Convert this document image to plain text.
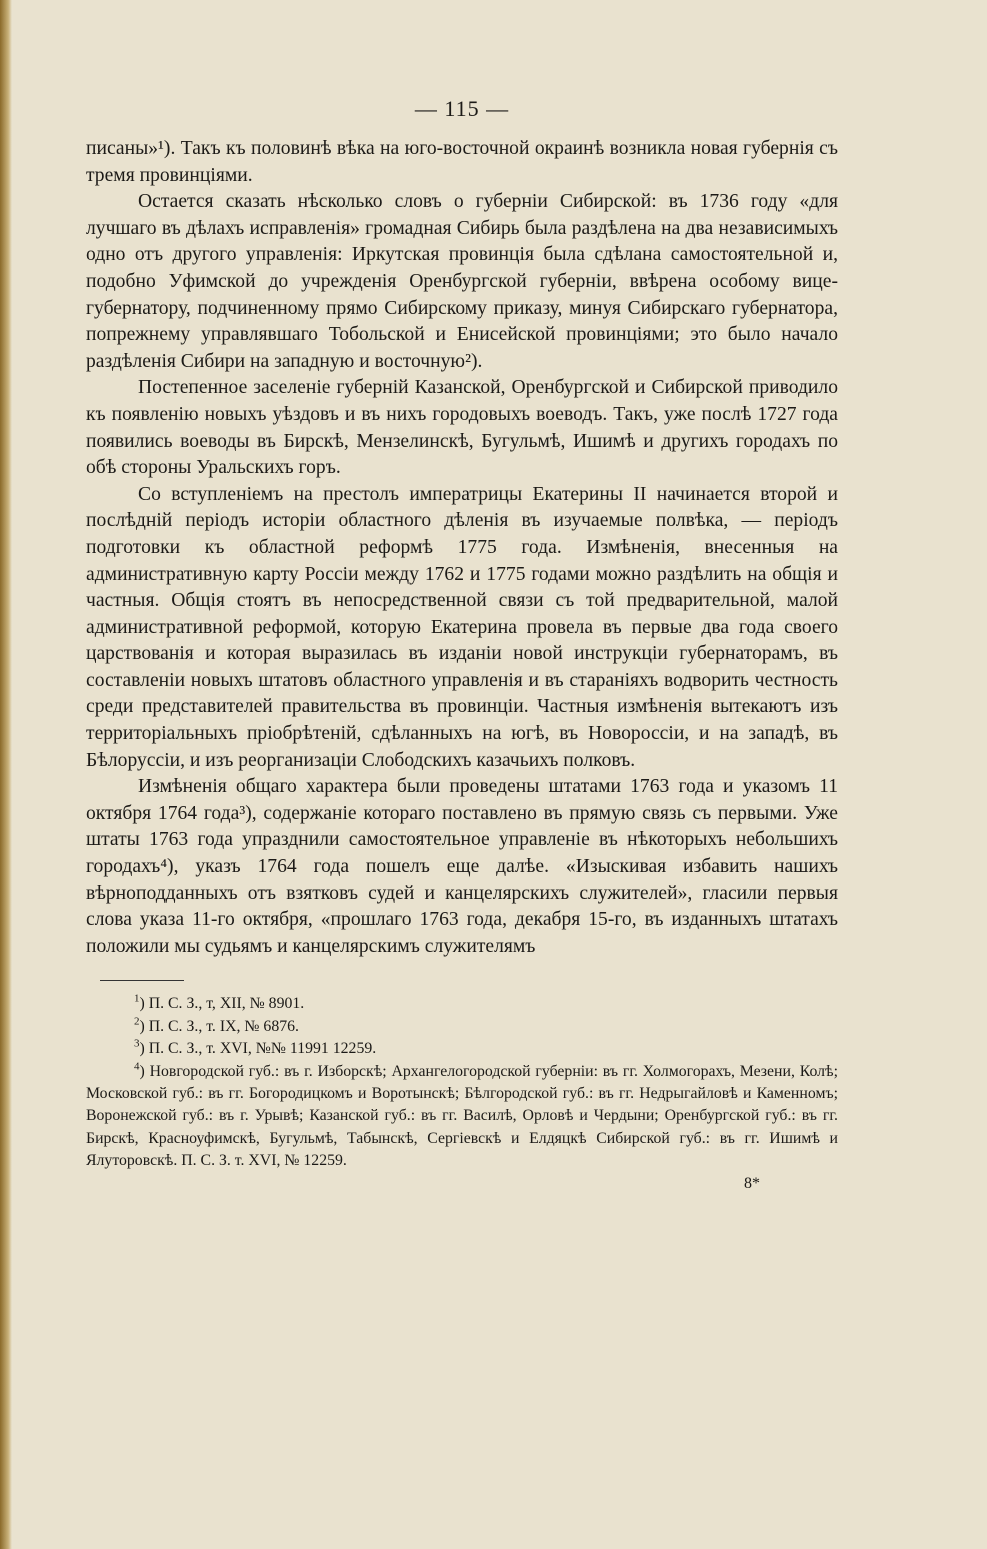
— 115 —

писаны»¹). Такъ къ половинѣ вѣка на юго-восточной окраинѣ возникла новая губернія съ тремя провинціями.

Остается сказать нѣсколько словъ о губерніи Сибирской: въ 1736 году «для лучшаго въ дѣлахъ исправленія» громадная Сибирь была раздѣлена на два независимыхъ одно отъ другого управленія: Иркутская провинція была сдѣлана самостоятельной и, подобно Уфимской до учрежденія Оренбургской губерніи, ввѣрена особому вице-губернатору, подчиненному прямо Сибирскому приказу, минуя Сибирскаго губернатора, попрежнему управлявшаго Тобольской и Енисейской провинціями; это было начало раздѣленія Сибири на западную и восточную²).

Постепенное заселеніе губерній Казанской, Оренбургской и Сибирской приводило къ появленію новыхъ уѣздовъ и въ нихъ городовыхъ воеводъ. Такъ, уже послѣ 1727 года появились воеводы въ Бирскѣ, Мензелинскѣ, Бугульмѣ, Ишимѣ и другихъ городахъ по обѣ стороны Уральскихъ горъ.

Со вступленіемъ на престолъ императрицы Екатерины II начинается второй и послѣдній періодъ исторіи областного дѣленія въ изучаемые полвѣка, — періодъ подготовки къ областной реформѣ 1775 года. Измѣненія, внесенныя на административную карту Россіи между 1762 и 1775 годами можно раздѣлить на общія и частныя. Общія стоятъ въ непосредственной связи съ той предварительной, малой административной реформой, которую Екатерина провела въ первые два года своего царствованія и которая выразилась въ изданіи новой инструкціи губернаторамъ, въ составленіи новыхъ штатовъ областного управленія и въ стараніяхъ водворить честность среди представителей правительства въ провинціи. Частныя измѣненія вытекаютъ изъ территоріальныхъ пріобрѣтеній, сдѣланныхъ на югѣ, въ Новороссіи, и на западѣ, въ Бѣлоруссіи, и изъ реорганизаціи Слободскихъ казачьихъ полковъ.

Измѣненія общаго характера были проведены штатами 1763 года и указомъ 11 октября 1764 года³), содержаніе котораго поставлено въ прямую связь съ первыми. Уже штаты 1763 года упразднили самостоятельное управленіе въ нѣкоторыхъ небольшихъ городахъ⁴), указъ 1764 года пошелъ еще далѣе. «Изыскивая избавить нашихъ вѣрноподданныхъ отъ взятковъ судей и канцелярскихъ служителей», гласили первыя слова указа 11-го октября, «прошлаго 1763 года, декабря 15-го, въ изданныхъ штатахъ положили мы судьямъ и канцелярскимъ служителямъ

$^1$) П. С. З., т, XII, № 8901.

$^2$) П. С. З., т. IX, № 6876.

$^3$) П. С. З., т. XVI, №№ 11991 12259.

$^4$) Новгородской губ.: въ г. Изборскѣ; Архангелогородской губерніи: въ гг. Холмогорахъ, Мезени, Колѣ; Московской губ.: въ гг. Богородицкомъ и Воротынскѣ; Бѣлгородской губ.: въ гг. Недрыгайловѣ и Каменномъ; Воронежской губ.: въ г. Урывѣ; Казанской губ.: въ гг. Василѣ, Орловѣ и Чердыни; Оренбургской губ.: въ гг. Бирскѣ, Красноуфимскѣ, Бугульмѣ, Табынскѣ, Сергіевскѣ и Елдяцкѣ Сибирской губ.: въ гг. Ишимѣ и Ялуторовскѣ. П. С. З. т. XVI, № 12259.

8*
